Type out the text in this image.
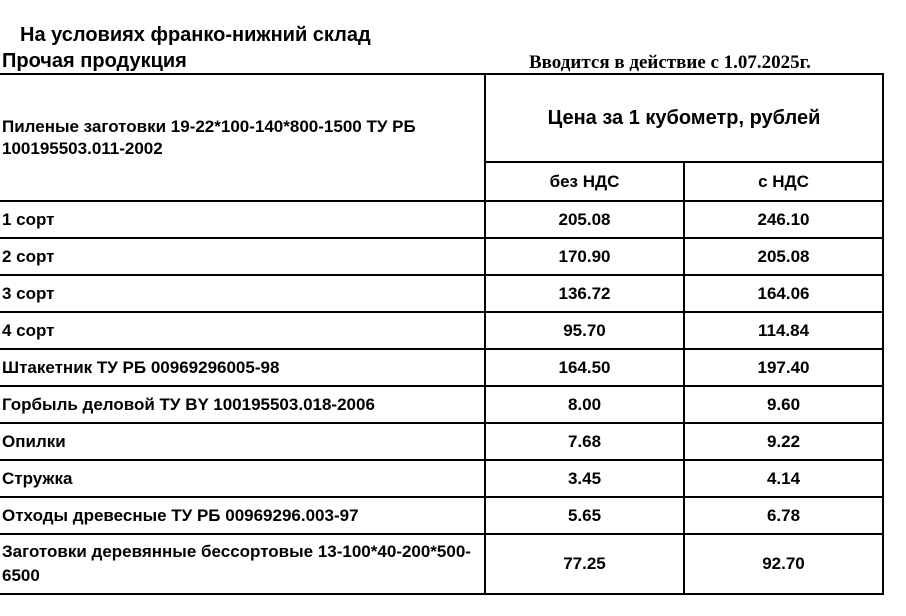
На условиях франко-нижний склад
Прочая продукция	Вводится в действие с 1.07.2025г.
Пиленые заготовки 19-22*100-140*800-1500 ТУ РБ 100195503.011-2002	Цена за 1 кубометр, рублей	
	без НДС	с НДС
1 сорт	205.08	246.10
2 сорт	170.90	205.08
3 сорт	136.72	164.06
4 сорт	95.70	114.84
Штакетник ТУ РБ 00969296005-98	164.50	197.40
Горбыль деловой ТУ BY 100195503.018-2006	8.00	9.60
Опилки	7.68	9.22
Стружка	3.45	4.14
Отходы древесные ТУ РБ 00969296.003-97	5.65	6.78
Заготовки деревянные бессортовые 13-100*40-200*500-6500	77.25	92.70
